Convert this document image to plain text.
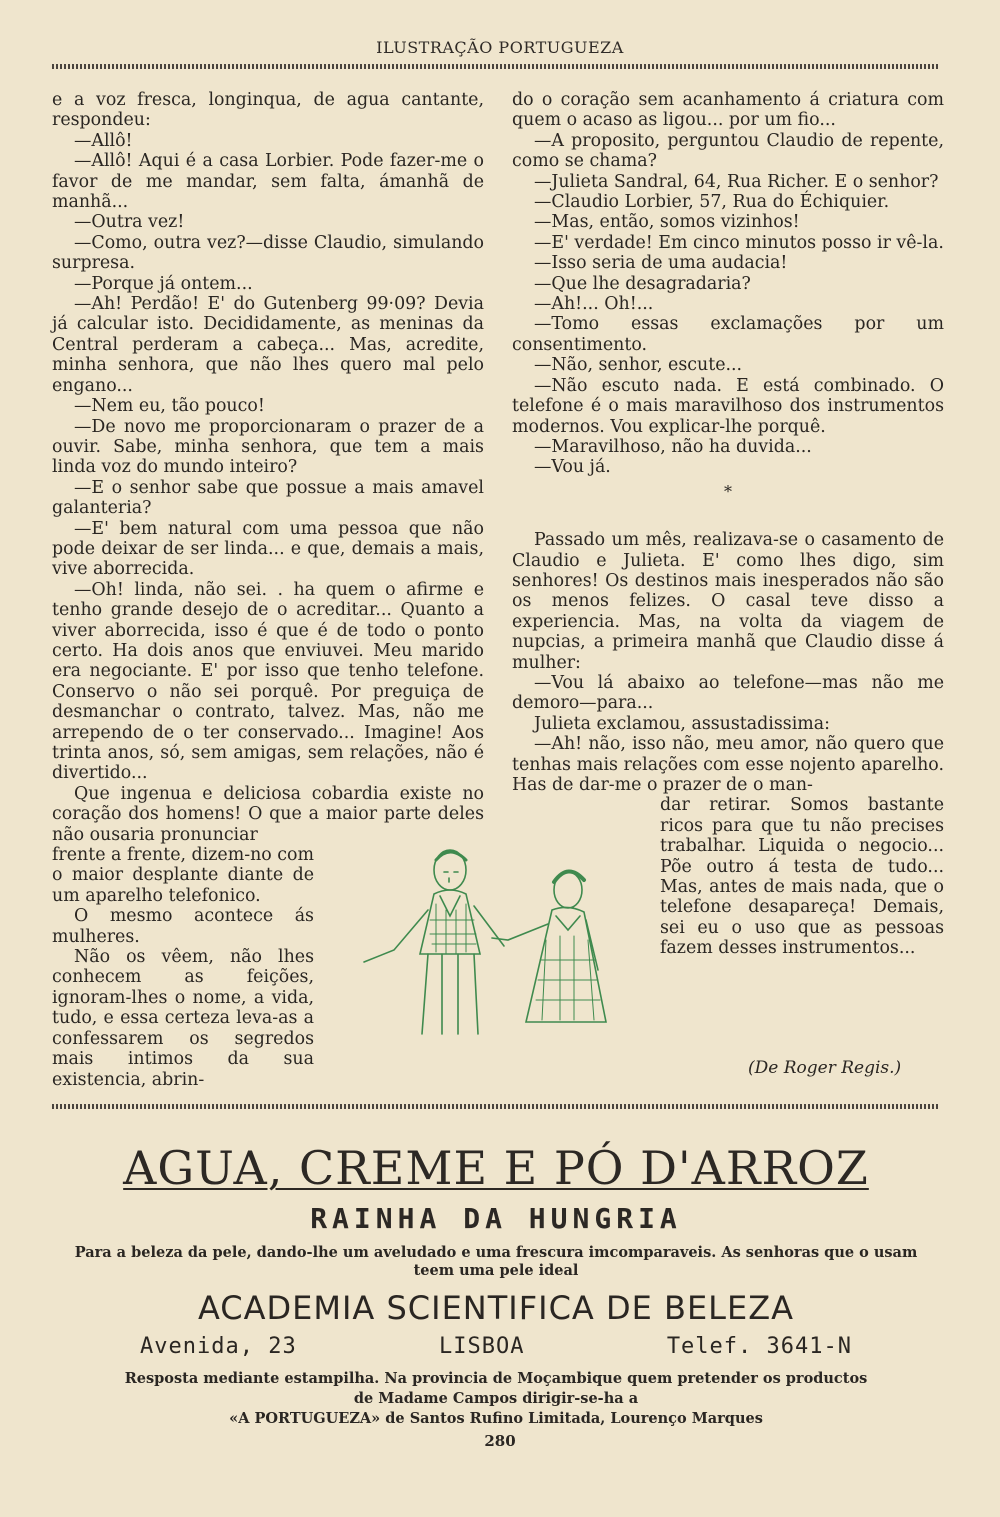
ILUSTRAÇÃO PORTUGUEZA

e a voz fresca, longinqua, de agua cantante, respondeu:

—Allô!

—Allô! Aqui é a casa Lorbier. Pode fazer-me o favor de me mandar, sem falta, ámanhã de manhã...

—Outra vez!

—Como, outra vez?—disse Claudio, simulando surpresa.

—Porque já ontem...

—Ah! Perdão! E' do Gutenberg 99·09? Devia já calcular isto. Decididamente, as meninas da Central perderam a cabeça... Mas, acredite, minha senhora, que não lhes quero mal pelo engano...

—Nem eu, tão pouco!

—De novo me proporcionaram o prazer de a ouvir. Sabe, minha senhora, que tem a mais linda voz do mundo inteiro?

—E o senhor sabe que possue a mais amavel galanteria?

—E' bem natural com uma pessoa que não pode deixar de ser linda... e que, demais a mais, vive aborrecida.

—Oh! linda, não sei. . ha quem o afirme e tenho grande desejo de o acreditar... Quanto a viver aborrecida, isso é que é de todo o ponto certo. Ha dois anos que enviuvei. Meu marido era negociante. E' por isso que tenho telefone. Conservo o não sei porquê. Por preguiça de desmanchar o contrato, talvez. Mas, não me arrependo de o ter conservado... Imagine! Aos trinta anos, só, sem amigas, sem relações, não é divertido...

Que ingenua e deliciosa cobardia existe no coração dos homens! O que a maior parte deles não ousaria pronunciar

frente a frente, dizem-no com o maior desplante diante de um aparelho telefonico.

O mesmo acontece ás mulheres.

Não os vêem, não lhes conhecem as feições, ignoram-lhes o nome, a vida, tudo, e essa certeza leva-as a confessarem os segredos mais intimos da sua existencia, abrin-

do o coração sem acanhamento á criatura com quem o acaso as ligou... por um fio...

—A proposito, perguntou Claudio de repente, como se chama?

—Julieta Sandral, 64, Rua Richer. E o senhor?

—Claudio Lorbier, 57, Rua do Échiquier.

—Mas, então, somos vizinhos!

—E' verdade! Em cinco minutos posso ir vê-la.

—Isso seria de uma audacia!

—Que lhe desagradaria?

—Ah!... Oh!...

—Tomo essas exclamações por um consentimento.

—Não, senhor, escute...

—Não escuto nada. E está combinado. O telefone é o mais maravilhoso dos instrumentos modernos. Vou explicar-lhe porquê.

—Maravilhoso, não ha duvida...

—Vou já.

*

Passado um mês, realizava-se o casamento de Claudio e Julieta. E' como lhes digo, sim senhores! Os destinos mais inesperados não são os menos felizes. O casal teve disso a experiencia. Mas, na volta da viagem de nupcias, a primeira manhã que Claudio disse á mulher:

—Vou lá abaixo ao telefone—mas não me demoro—para...

Julieta exclamou, assustadissima:

—Ah! não, isso não, meu amor, não quero que tenhas mais relações com esse nojento aparelho. Has de dar-me o prazer de o man-

dar retirar. Somos bastante ricos para que tu não precises trabalhar. Liquida o negocio... Põe outro á testa de tudo... Mas, antes de mais nada, que o telefone desapareça! Demais, sei eu o uso que as pessoas fazem desses instrumentos...

(De Roger Regis.)

AGUA, CREME E PÓ D'ARROZ

RAINHA DA HUNGRIA
Para a beleza da pele, dando-lhe um aveludado e uma frescura imcomparaveis. As senhoras que o usam teem uma pele ideal
ACADEMIA SCIENTIFICA DE BELEZA
Avenida, 23	LISBOA	Telef. 3641-N
Resposta mediante estampilha. Na provincia de Moçambique quem pretender os productos
de Madame Campos dirigir-se-ha a
«A PORTUGUEZA» de Santos Rufino Limitada, Lourenço Marques
280
